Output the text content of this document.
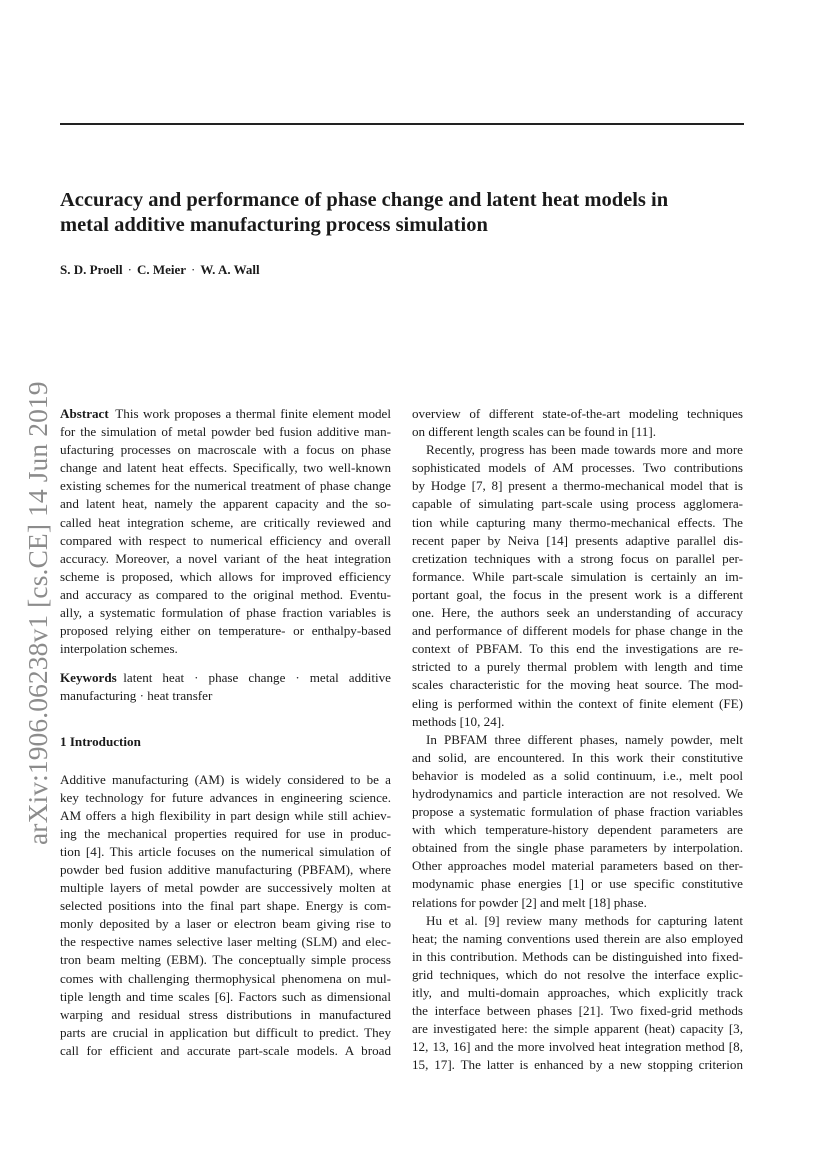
arXiv:1906.06238v1 [cs.CE] 14 Jun 2019
Accuracy and performance of phase change and latent heat models in
metal additive manufacturing process simulation
S. D. Proell · C. Meier · W. A. Wall

Abstract  This work proposes a thermal finite element model
for the simulation of metal powder bed fusion additive man-
ufacturing processes on macroscale with a focus on phase
change and latent heat effects. Specifically, two well-known
existing schemes for the numerical treatment of phase change
and latent heat, namely the apparent capacity and the so-
called heat integration scheme, are critically reviewed and
compared with respect to numerical efficiency and overall
accuracy. Moreover, a novel variant of the heat integration
scheme is proposed, which allows for improved efficiency
and accuracy as compared to the original method. Eventu-
ally, a systematic formulation of phase fraction variables is
proposed relying either on temperature- or enthalpy-based
interpolation schemes.

Keywords  latent heat · phase change · metal additive
manufacturing · heat transfer

1 Introduction

Additive manufacturing (AM) is widely considered to be a
key technology for future advances in engineering science.
AM offers a high flexibility in part design while still achiev-
ing the mechanical properties required for use in produc-
tion [4]. This article focuses on the numerical simulation of
powder bed fusion additive manufacturing (PBFAM), where
multiple layers of metal powder are successively molten at
selected positions into the final part shape. Energy is com-
monly deposited by a laser or electron beam giving rise to
the respective names selective laser melting (SLM) and elec-
tron beam melting (EBM). The conceptually simple process
comes with challenging thermophysical phenomena on mul-
tiple length and time scales [6]. Factors such as dimensional
warping and residual stress distributions in manufactured
parts are crucial in application but difficult to predict. They
call for efficient and accurate part-scale models. A broad

overview of different state-of-the-art modeling techniques
on different length scales can be found in [11].

Recently, progress has been made towards more and more
sophisticated models of AM processes. Two contributions
by Hodge [7, 8] present a thermo-mechanical model that is
capable of simulating part-scale using process agglomera-
tion while capturing many thermo-mechanical effects. The
recent paper by Neiva [14] presents adaptive parallel dis-
cretization techniques with a strong focus on parallel per-
formance. While part-scale simulation is certainly an im-
portant goal, the focus in the present work is a different
one. Here, the authors seek an understanding of accuracy
and performance of different models for phase change in the
context of PBFAM. To this end the investigations are re-
stricted to a purely thermal problem with length and time
scales characteristic for the moving heat source. The mod-
eling is performed within the context of finite element (FE)
methods [10, 24].

In PBFAM three different phases, namely powder, melt
and solid, are encountered. In this work their constitutive
behavior is modeled as a solid continuum, i.e., melt pool
hydrodynamics and particle interaction are not resolved. We
propose a systematic formulation of phase fraction variables
with which temperature-history dependent parameters are
obtained from the single phase parameters by interpolation.
Other approaches model material parameters based on ther-
modynamic phase energies [1] or use specific constitutive
relations for powder [2] and melt [18] phase.

Hu et al. [9] review many methods for capturing latent
heat; the naming conventions used therein are also employed
in this contribution. Methods can be distinguished into fixed-
grid techniques, which do not resolve the interface explic-
itly, and multi-domain approaches, which explicitly track
the interface between phases [21]. Two fixed-grid methods
are investigated here: the simple apparent (heat) capacity [3,
12, 13, 16] and the more involved heat integration method [8,
15, 17]. The latter is enhanced by a new stopping criterion
